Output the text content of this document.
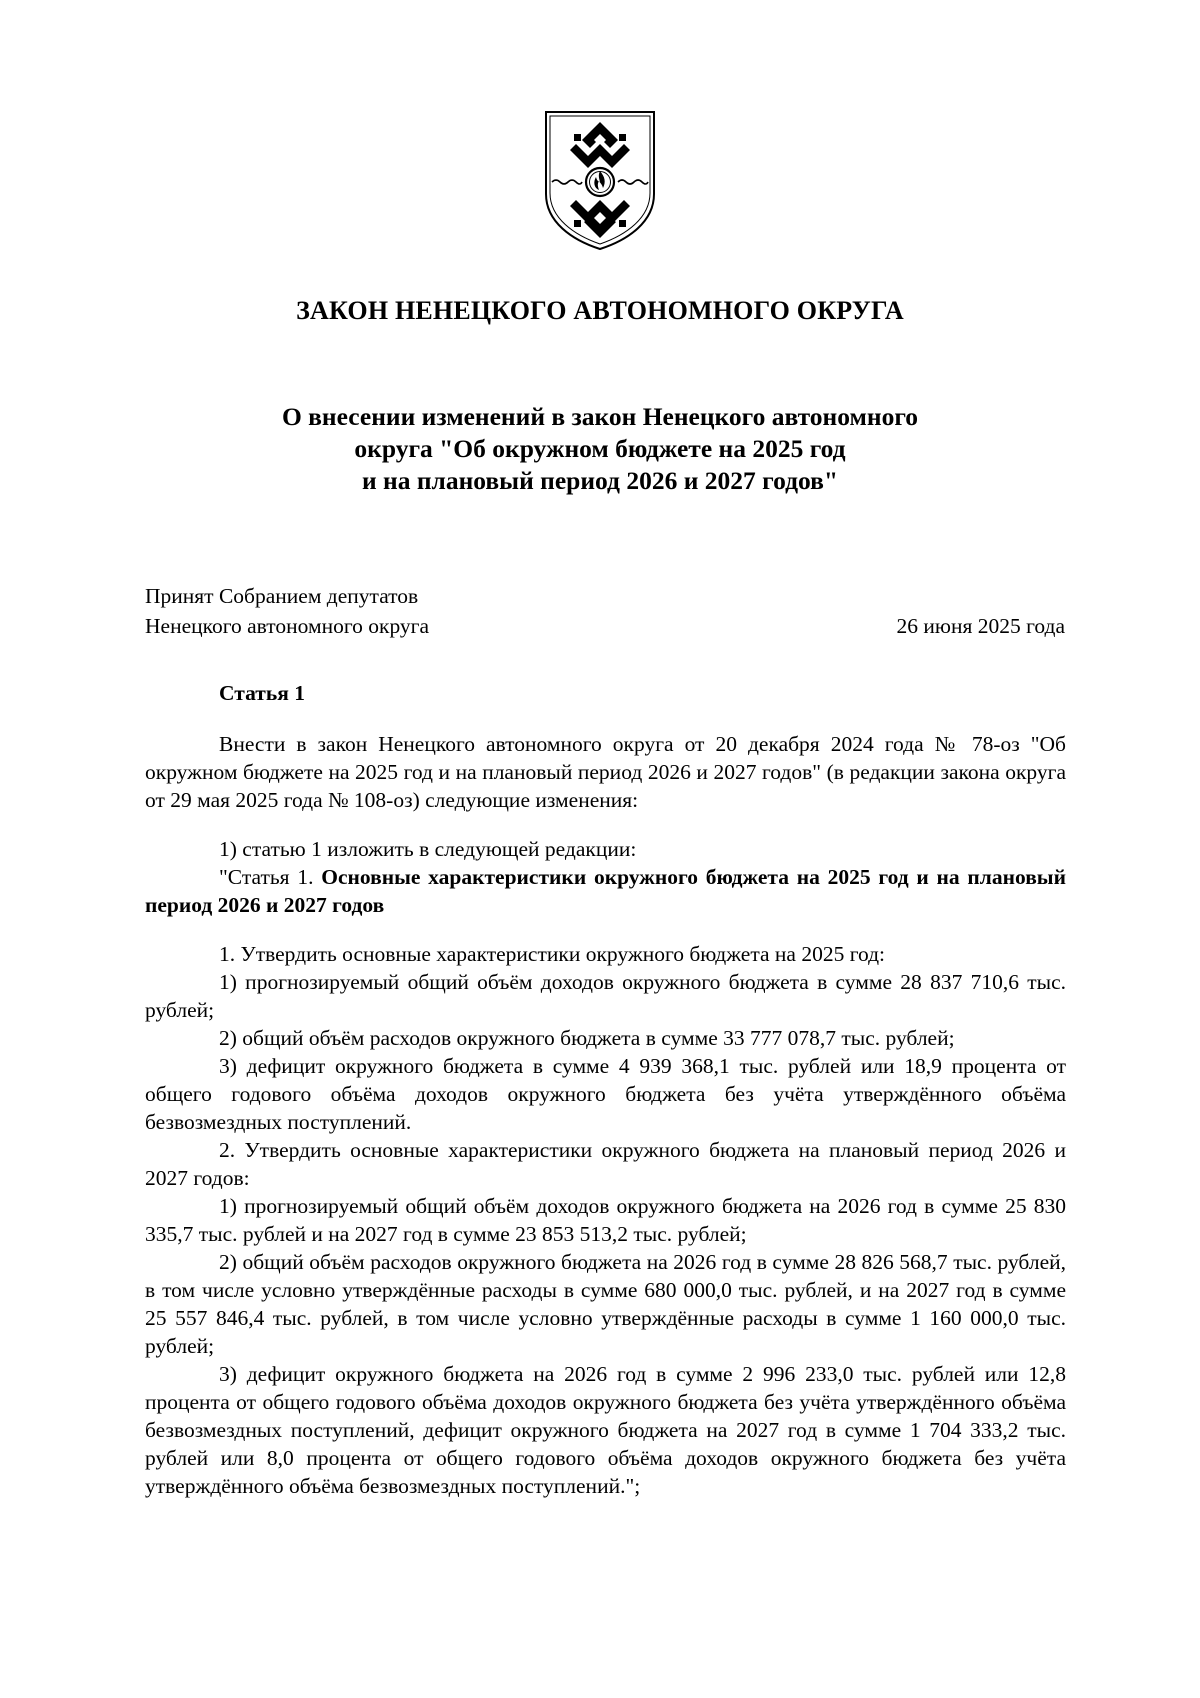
ЗАКОН НЕНЕЦКОГО АВТОНОМНОГО ОКРУГА
О внесении изменений в закон Ненецкого автономного
округа "Об окружном бюджете на 2025 год
и на плановый период 2026 и 2027 годов"
Принят Собранием депутатов
Ненецкого автономного округа	26 июня 2025 года
Статья 1

Внести в закон Ненецкого автономного округа от 20 декабря 2024 года № 78-оз "Об окружном бюджете на 2025 год и на плановый период 2026 и 2027 годов" (в редакции закона округа от 29 мая 2025 года № 108-оз) следующие изменения:

1) статью 1 изложить в следующей редакции:

"Статья 1. Основные характеристики окружного бюджета на 2025 год и на плановый период 2026 и 2027 годов

1. Утвердить основные характеристики окружного бюджета на 2025 год:

1) прогнозируемый общий объём доходов окружного бюджета в сумме 28 837 710,6 тыс. рублей;

2) общий объём расходов окружного бюджета в сумме 33 777 078,7 тыс. рублей;

3) дефицит окружного бюджета в сумме 4 939 368,1 тыс. рублей или 18,9 процента от общего годового объёма доходов окружного бюджета без учёта утверждённого объёма безвозмездных поступлений.

2. Утвердить основные характеристики окружного бюджета на плановый период 2026 и 2027 годов:

1) прогнозируемый общий объём доходов окружного бюджета на 2026 год в сумме 25 830 335,7 тыс. рублей и на 2027 год в сумме 23 853 513,2 тыс. рублей;

2) общий объём расходов окружного бюджета на 2026 год в сумме 28 826 568,7 тыс. рублей, в том числе условно утверждённые расходы в сумме 680 000,0 тыс. рублей, и на 2027 год в сумме 25 557 846,4 тыс. рублей, в том числе условно утверждённые расходы в сумме 1 160 000,0 тыс. рублей;

3) дефицит окружного бюджета на 2026 год в сумме 2 996 233,0 тыс. рублей или 12,8 процента от общего годового объёма доходов окружного бюджета без учёта утверждённого объёма безвозмездных поступлений, дефицит окружного бюджета на 2027 год в сумме 1 704 333,2 тыс. рублей или 8,0 процента от общего годового объёма доходов окружного бюджета без учёта утверждённого объёма безвозмездных поступлений.";
